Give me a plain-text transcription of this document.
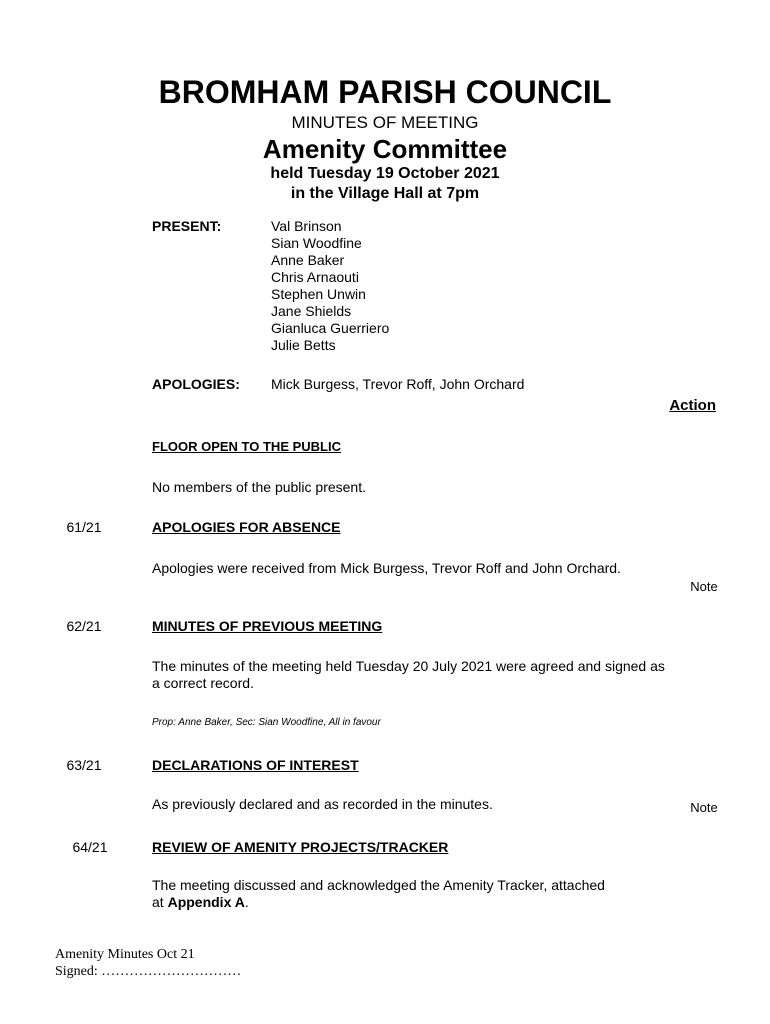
BROMHAM PARISH COUNCIL
MINUTES OF MEETING
Amenity Committee
held Tuesday 19 October 2021
in the Village Hall at 7pm
PRESENT:	Val Brinson
Sian Woodfine
Anne Baker
Chris Arnaouti
Stephen Unwin
Jane Shields
Gianluca Guerriero
Julie Betts
APOLOGIES: Mick Burgess, Trevor Roff, John Orchard
Action
FLOOR OPEN TO THE PUBLIC
No members of the public present.
61/21	APOLOGIES FOR ABSENCE
Apologies were received from Mick Burgess, Trevor Roff and John Orchard.
Note
62/21	MINUTES OF PREVIOUS MEETING
The minutes of the meeting held Tuesday 20 July 2021 were agreed and signed as a correct record.
Prop: Anne Baker, Sec: Sian Woodfine, All in favour
63/21	DECLARATIONS OF INTEREST
As previously declared and as recorded in the minutes.	Note
64/21	REVIEW OF AMENITY PROJECTS/TRACKER
The meeting discussed and acknowledged the Amenity Tracker, attached at Appendix A.
Amenity Minutes Oct 21
Signed: …………………………
